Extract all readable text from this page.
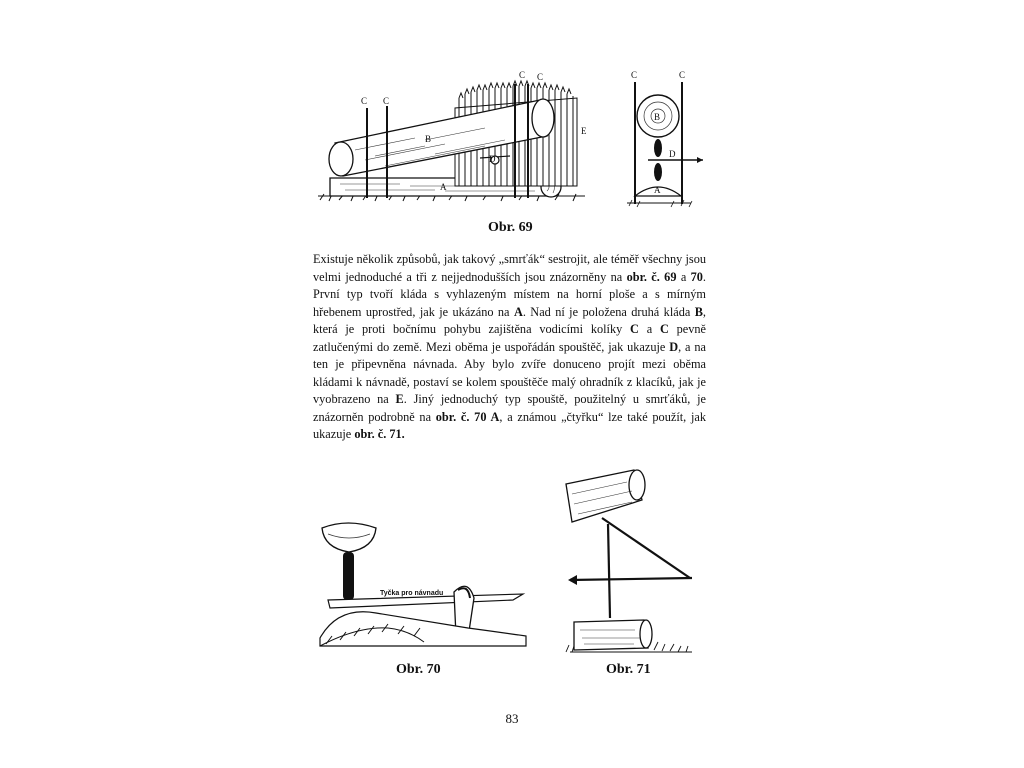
C C
C C
B
A
D
E
C	C
B
D
A
Obr. 69

Existuje několik způsobů, jak takový „smrťák“ sestrojit, ale téměř všechny jsou velmi jednoduché a tři z nejjednodušších jsou znázorněny na obr. č. 69 a 70. První typ tvoří kláda s vyhlazeným místem na horní ploše a s mírným hřebenem uprostřed, jak je ukázáno na A. Nad ní je položena druhá kláda B, která je proti bočnímu pohybu zajištěna vodicími kolíky C a C pevně zatlučenými do země. Mezi oběma je uspořádán spouštěč, jak ukazuje D, a na ten je připevněna návnada. Aby bylo zvíře donuceno projít mezi oběma kládami k návnadě, postaví se kolem spouštěče malý ohradník z klacíků, jak je vyobrazeno na E. Jiný jednoduchý typ spouště, použitelný u smrťáků, je znázorněn podrobně na obr. č. 70 A, a známou „čtyřku“ lze také použít, jak ukazuje obr. č. 71.

Tyčka pro návnadu
Obr. 70	Obr. 71
83
